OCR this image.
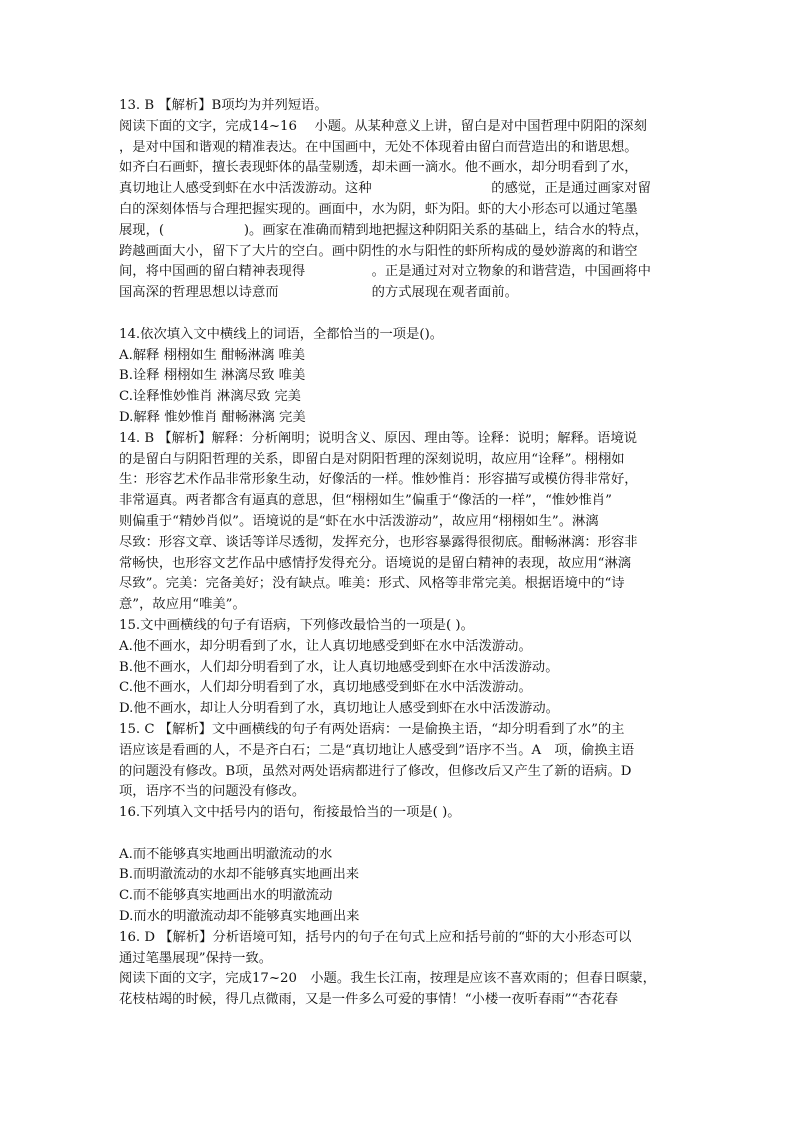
13. B 【解析】B项均为并列短语。
阅读下面的文字，完成14~16　 小题。从某种意义上讲，留白是对中国哲理中阴阳的深刻
，是对中国和谐观的精准表达。在中国画中，无处不体现着由留白而营造出的和谐思想。
如齐白石画虾，擅长表现虾体的晶莹剔透，却未画一滴水。他不画水，却分明看到了水，
真切地让人感受到虾在水中活泼游动。这种　　　　　　　　　的感觉，正是通过画家对留
白的深刻体悟与合理把握实现的。画面中，水为阴，虾为阳。虾的大小形态可以通过笔墨
展现，(　　　　　　)。画家在准确而精到地把握这种阴阳关系的基础上，结合水的特点，
跨越画面大小，留下了大片的空白。画中阴性的水与阳性的虾所构成的曼妙游离的和谐空
间，将中国画的留白精神表现得　　　　　。正是通过对对立物象的和谐营造，中国画将中
国高深的哲理思想以诗意而　　　　　　　的方式展现在观者面前。
14.依次填入文中横线上的词语，全都恰当的一项是()。
A.解释 栩栩如生 酣畅淋漓 唯美
B.诠释 栩栩如生 淋漓尽致 唯美
C.诠释惟妙惟肖 淋漓尽致 完美
D.解释 惟妙惟肖 酣畅淋漓 完美
14. B 【解析】解释：分析阐明；说明含义、原因、理由等。诠释：说明；解释。语境说
的是留白与阴阳哲理的关系，即留白是对阴阳哲理的深刻说明，故应用“诠释”。栩栩如
生：形容艺术作品非常形象生动，好像活的一样。惟妙惟肖：形容描写或模仿得非常好，
非常逼真。两者都含有逼真的意思，但“栩栩如生”偏重于“像活的一样”，“惟妙惟肖”
则偏重于“精妙肖似”。语境说的是“虾在水中活泼游动”，故应用“栩栩如生”。淋漓
尽致：形容文章、谈话等详尽透彻，发挥充分，也形容暴露得很彻底。酣畅淋漓：形容非
常畅快，也形容文艺作品中感情抒发得充分。语境说的是留白精神的表现，故应用“淋漓
尽致”。完美：完备美好；没有缺点。唯美：形式、风格等非常完美。根据语境中的“诗
意”，故应用“唯美”。
15.文中画横线的句子有语病，下列修改最恰当的一项是( )。
A.他不画水，却分明看到了水，让人真切地感受到虾在水中活泼游动。
B.他不画水，人们却分明看到了水，让人真切地感受到虾在水中活泼游动。
C.他不画水，人们却分明看到了水，真切地感受到虾在水中活泼游动。
D.他不画水，却让人分明看到了水，真切地让人感受到虾在水中活泼游动。
15. C 【解析】文中画横线的句子有两处语病：一是偷换主语，“却分明看到了水”的主
语应该是看画的人，不是齐白石；二是“真切地让人感受到”语序不当。A　项，偷换主语
的问题没有修改。B项，虽然对两处语病都进行了修改，但修改后又产生了新的语病。D
项，语序不当的问题没有修改。
16.下列填入文中括号内的语句，衔接最恰当的一项是( )。
A.而不能够真实地画出明澈流动的水
B.而明澈流动的水却不能够真实地画出来
C.而不能够真实地画出水的明澈流动
D.而水的明澈流动却不能够真实地画出来
16. D 【解析】分析语境可知，括号内的句子在句式上应和括号前的“虾的大小形态可以
通过笔墨展现”保持一致。
阅读下面的文字，完成17~20　小题。我生长江南，按理是应该不喜欢雨的；但春日暝蒙，
花枝枯竭的时候，得几点微雨，又是一件多么可爱的事情！“小楼一夜听春雨”“杏花春
